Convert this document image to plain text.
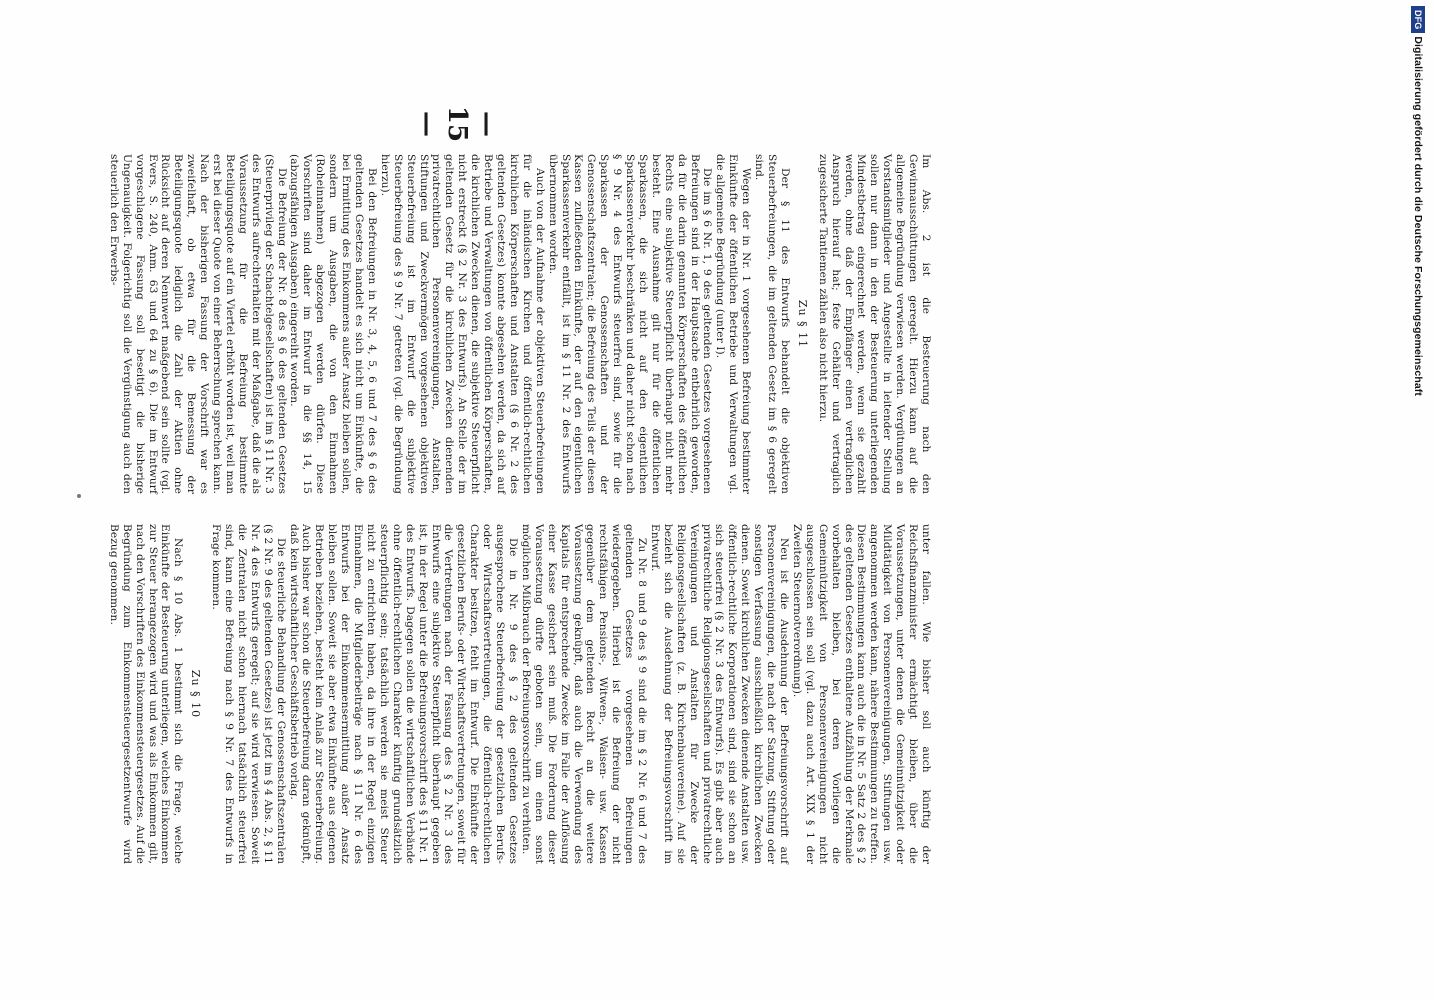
— 15 —

Im Abs. 2 ist die Besteuerung nach den Gewinnausschüttungen geregelt. Hierzu kann auf die allgemeine Begründung verwiesen werden. Vergütungen an Vorstandsmitglieder und Angestellte in leitender Stellung sollen nur dann in den der Besteuerung unterliegenden Mindestbetrag eingerechnet werden, wenn sie gezahlt werden, ohne daß der Empfänger einen vertraglichen Anspruch hierauf hat; feste Gehälter und vertraglich zugesicherte Tantiemen zählen also nicht hierzu.

Zu § 11

Der § 11 des Entwurfs behandelt die objektiven Steuerbefreiungen, die im geltenden Gesetz im § 6 geregelt sind.

Wegen der in Nr. 1 vorgesehenen Befreiung bestimmter Einkünfte der öffentlichen Betriebe und Verwaltungen vgl. die allgemeine Begründung (unter I).

Die im § 6 Nr. 1, 9 des geltenden Gesetzes vorgesehenen Befreiungen sind in der Hauptsache entbehrlich geworden, da für die darin genannten Körperschaften des öffentlichen Rechts eine subjektive Steuerpflicht überhaupt nicht mehr besteht. Eine Ausnahme gilt nur für die öffentlichen Sparkassen, die sich nicht auf den eigentlichen Sparkassenverkehr beschränken und daher nicht schon nach § 9 Nr. 4 des Entwurfs steuerfrei sind, sowie für die Sparkassen der Genossenschaften und der Genossenschaftszentralen; die Befreiung des Teils der diesen Kassen zufließenden Einkünfte, der auf den eigentlichen Sparkassenverkehr entfällt, ist im § 11 Nr. 2 des Entwurfs übernommen worden.

Auch von der Aufnahme der objektiven Steuerbefreiungen für die inländischen Kirchen und öffentlich-rechtlichen kirchlichen Körperschaften und Anstalten (§ 6 Nr. 2 des geltenden Gesetzes) konnte abgesehen werden, da sich auf Betriebe und Verwaltungen von öffentlichen Körperschaften, die kirchlichen Zwecken dienen, die subjektive Steuerpflicht nicht erstreckt (§ 2 Nr. 3 des Entwurfs). An Stelle der im geltenden Gesetz für die kirchlichen Zwecken dienenden privatrechtlichen Personenvereinigungen, Anstalten, Stiftungen und Zweckvermögen vorgesehenen objektiven Steuerbefreiung ist im Entwurf die subjektive Steuerbefreiung des § 9 Nr. 7 getreten (vgl. die Begründung hierzu).

Bei den Befreiungen in Nr. 3, 4, 5, 6 und 7 des § 6 des geltenden Gesetzes handelt es sich nicht um Einkünfte, die bei Ermittlung des Einkommens außer Ansatz bleiben sollen, sondern um Ausgaben, die von den Einnahmen (Roheinnahmen) abgezogen werden dürfen. Diese Vorschriften sind daher im Entwurf in die §§ 14, 15 (abzugsfähigen Ausgaben) eingereiht worden.

Die Befreiung der Nr. 8 des § 6 des geltenden Gesetzes (Steuerprivileg der Schachtelgesellschaften) ist im § 11 Nr. 3 des Entwurfs aufrechterhalten mit der Maßgabe, daß die als Voraussetzung für die Befreiung bestimmte Beteiligungsquote auf ein Viertel erhöht worden ist, weil man erst bei dieser Quote von einer Beherrschung sprechen kann. Nach der bisherigen Fassung der Vorschrift war es zweifelhaft, ob etwa für die Bemessung der Beteiligungsquote lediglich die Zahl der Aktien ohne Rücksicht auf deren Nennwert maßgebend sein sollte (vgl. Evers, S. 240, Anm. 63 und 64 zu § 6). Die im Entwurf vorgeschlagene Fassung soll beseitigt die bisherige Ungenauigkeit. Folgerichtig soll die Vergünstigung auch den steuerlich den Erwerbs-

unter fallen. Wie bisher soll auch künftig der Reichsfinanzminister ermächtigt bleiben, über die Voraussetzungen, unter denen die Gemeinnützigkeit oder Mildtätigkeit von Personenvereinigungen, Stiftungen usw. angenommen werden kann, nähere Bestimmungen zu treffen. Diesen Bestimmungen kann auch die in Nr. 5 Satz 2 des § 2 des geltenden Gesetzes enthaltene Aufzählung der Merkmale vorbehalten bleiben, bei deren Vorliegen die Gemeinnützigkeit von Personenvereinigungen nicht ausgeschlossen sein soll (vgl. dazu auch Art. XIX § 1 der Zweiten Steuernotverordnung).

Neu ist die Ausdehnung der Befreiungsvorschrift auf Personenvereinigungen, die nach der Satzung, Stiftung oder sonstigen Verfassung ausschließlich kirchlichen Zwecken dienen. Soweit kirchlichen Zwecken dienende Anstalten usw. öffentlich-rechtliche Korporationen sind, sind sie schon an sich steuerfrei (§ 2 Nr. 3 des Entwurfs). Es gibt aber auch privatrechtliche Religionsgesellschaften und privatrechtliche Vereinigungen und Anstalten für Zwecke der Religionsgesellschaften (z. B. Kirchenbauvereine). Auf sie bezieht sich die Ausdehnung der Befreiungsvorschrift im Entwurf.

Zu Nr. 8 und 9 des § 9 sind die im § 2 Nr. 6 und 7 des geltenden Gesetzes vorgesehenen Befreiungen wiedergegeben. Hierbei ist die Befreiung der nicht rechtsfähigen Pensions-, Witwen-, Waisen- usw. Kassen gegenüber dem geltenden Recht an die weitere Voraussetzung geknüpft, daß auch die Verwendung des Kapitals für entsprechende Zwecke im Falle der Auflösung einer Kasse gesichert sein muß. Die Forderung dieser Voraussetzung dürfte geboten sein, um einen sonst möglichen Mißbrauch der Befreiungsvorschrift zu verhüten.

Die in Nr. 9 des § 2 des geltenden Gesetzes ausgesprochene Steuerbefreiung der gesetzlichen Berufs- oder Wirtschaftsvertretungen, die öffentlich-rechtlichen Charakter besitzen, fehlt im Entwurf. Die Einkünfte der gesetzlichen Berufs- oder Wirtschaftsvertretungen, soweit für die Vertretungen nach der Fassung des § 2 Nr. 3 des Entwurfs eine subjektive Steuerpflicht überhaupt gegeben ist, in der Regel unter die Befreiungsvorschrift des § 11 Nr. 1 des Entwurfs. Dagegen sollen die wirtschaftlichen Verbände ohne öffentlich-rechtlichen Charakter künftig grundsätzlich steuerpflichtig sein; tatsächlich werden sie meist Steuer nicht zu entrichten haben, da ihre in der Regel einzigen Einnahmen, die Mitgliederbeiträge nach § 11 Nr. 6 des Entwurfs bei der Einkommensermittlung außer Ansatz bleiben sollen. Soweit sie aber etwa Einkünfte aus eigenen Betrieben beziehen, besteht kein Anlaß zur Steuerbefreiung. Auch bisher war schon die Steuerbefreiung daran geknüpft, daß kein wirtschaftlicher Geschäftsbetrieb vorlag.

Die steuerliche Behandlung der Genossenschaftszentralen (§ 2 Nr. 9 des geltenden Gesetzes) ist jetzt im § 4 Abs. 2, § 11 Nr. 4 des Entwurfs geregelt; auf sie wird verwiesen. Soweit die Zentralen nicht schon hiernach tatsächlich steuerfrei sind, kann eine Befreiung nach § 9 Nr. 7 des Entwurfs in Frage kommen.

Zu § 10

Nach § 10 Abs. 1 bestimmt sich die Frage, welche Einkünfte der Besteuerung unterliegen, welches Einkommen zur Steuer herangezogen wird und was als Einkommen gilt, nach den Vorschriften des Einkommensteuergesetzes. Auf die Begründung zum Einkommensteuergesetzentwurfe wird Bezug genommen.

DFGDigitalisierung gefördert durch die Deutsche Forschungsgemeinschaft
